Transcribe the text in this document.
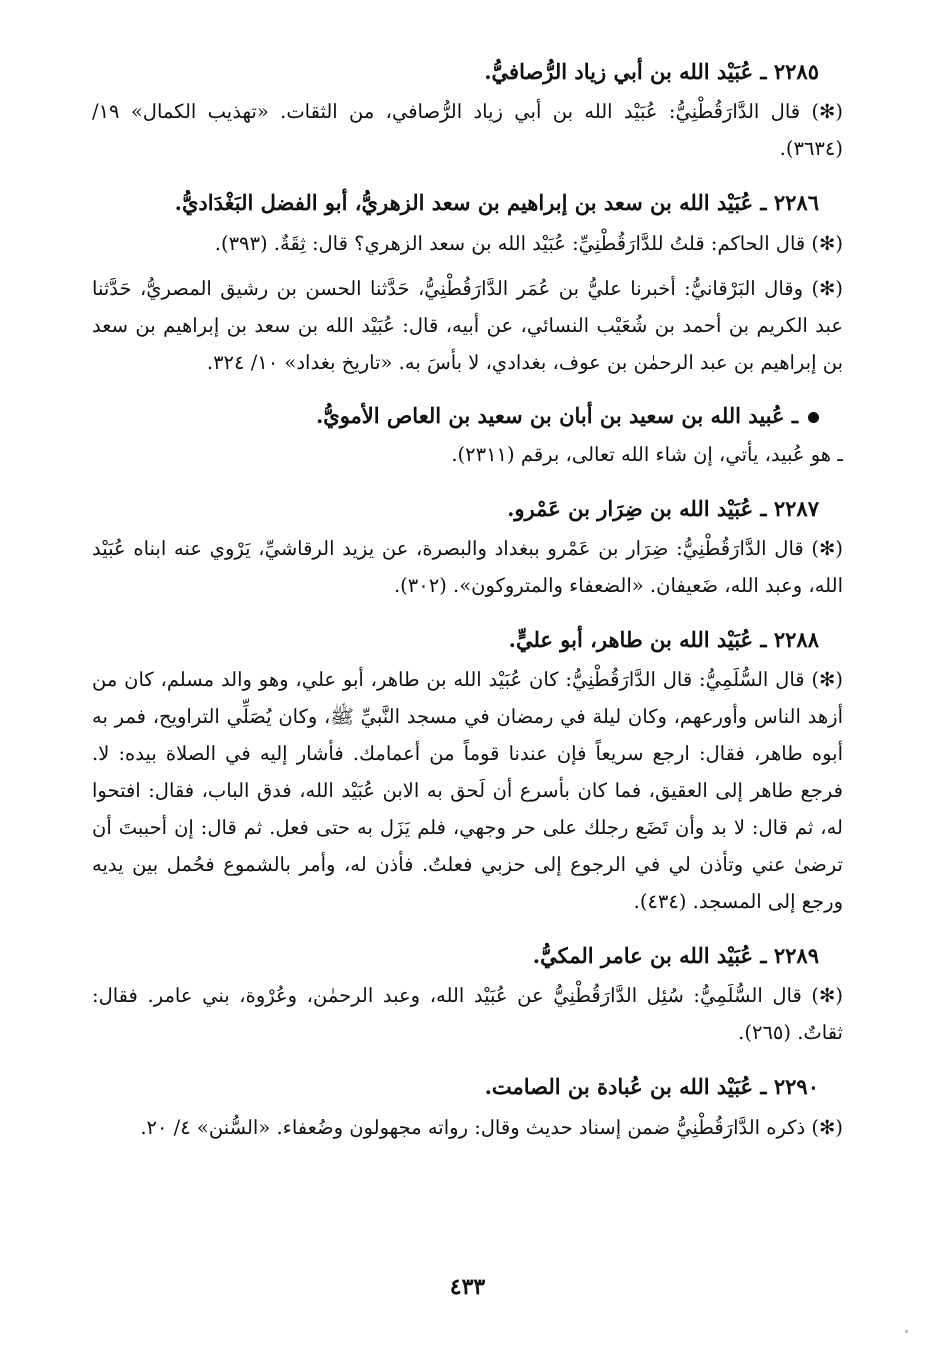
٢٢٨٥ ـ عُبَيْد الله بن أبي زياد الرُّصافيُّ.

(✻) قال الدَّارَقُطْنِيُّ: عُبَيْد الله بن أبي زياد الرُّصافي، من الثقات. «تهذيب الكمال» ١٩/ (٣٦٣٤).

٢٢٨٦ ـ عُبَيْد الله بن سعد بن إبراهيم بن سعد الزهريُّ، أبو الفضل البَغْدَاديُّ.

(✻) قال الحاكم: قلتُ للدَّارَقُطْنِيِّ: عُبَيْد الله بن سعد الزهري؟ قال: ثِقَةٌ. (٣٩٣).

(✻) وقال البَرْقانيُّ: أخبرنا عليُّ بن عُمَر الدَّارَقُطْنِيُّ، حَدَّثنا الحسن بن رشيق المصريُّ، حَدَّثنا عبد الكريم بن أحمد بن شُعَيْب النسائي، عن أبيه، قال: عُبَيْد الله بن سعد بن إبراهيم بن سعد بن إبراهيم بن عبد الرحمٰن بن عوف، بغدادي، لا بأسَ به. «تاريخ بغداد» ١٠/ ٣٢٤.

ـ عُبيد الله بن سعيد بن أبان بن سعيد بن العاص الأمويُّ.

ـ هو عُبيد، يأتي، إن شاء الله تعالى، برقم (٢٣١١).

٢٢٨٧ ـ عُبَيْد الله بن ضِرَار بن عَمْرو.

(✻) قال الدَّارَقُطْنِيُّ: ضِرَار بن عَمْرو ببغداد والبصرة، عن يزيد الرقاشيِّ، يَرْوي عنه ابناه عُبَيْد الله، وعبد الله، ضَعيفان. «الضعفاء والمتروكون». (٣٠٢).

٢٢٨٨ ـ عُبَيْد الله بن طاهر، أبو عليٍّ.

(✻) قال السُّلَمِيُّ: قال الدَّارَقُطْنِيُّ: كان عُبَيْد الله بن طاهر، أبو علي، وهو والد مسلم، كان من أزهد الناس وأورعهم، وكان ليلة في رمضان في مسجد النَّبيِّ ﷺ، وكان يُصَلِّي التراويح، فمر به أبوه طاهر، فقال: ارجع سريعاً فإن عندنا قوماً من أعمامك. فأشار إليه في الصلاة بيده: لا. فرجع طاهر إلى العقيق، فما كان بأسرع أن لَحق به الابن عُبَيْد الله، فدق الباب، فقال: افتحوا له، ثم قال: لا بد وأن تَضَع رجلك على حر وجهي، فلم يَزَل به حتى فعل. ثم قال: إن أحببتَ أن ترضىٰ عني وتأذن لي في الرجوع إلى حزبي فعلتُ. فأذن له، وأمر بالشموع فحُمل بين يديه ورجع إلى المسجد. (٤٣٤).

٢٢٨٩ ـ عُبَيْد الله بن عامر المكيُّ.

(✻) قال السُّلَمِيُّ: سُئِل الدَّارَقُطْنِيُّ عن عُبَيْد الله، وعبد الرحمٰن، وعُرْوة، بني عامر. فقال: ثقاتٌ. (٢٦٥).

٢٢٩٠ ـ عُبَيْد الله بن عُبادة بن الصامت.

(✻) ذكره الدَّارَقُطْنِيُّ ضمن إسناد حديث وقال: رواته مجهولون وضُعفاء. «السُّنن» ٤/ ٢٠.

٤٣٣
